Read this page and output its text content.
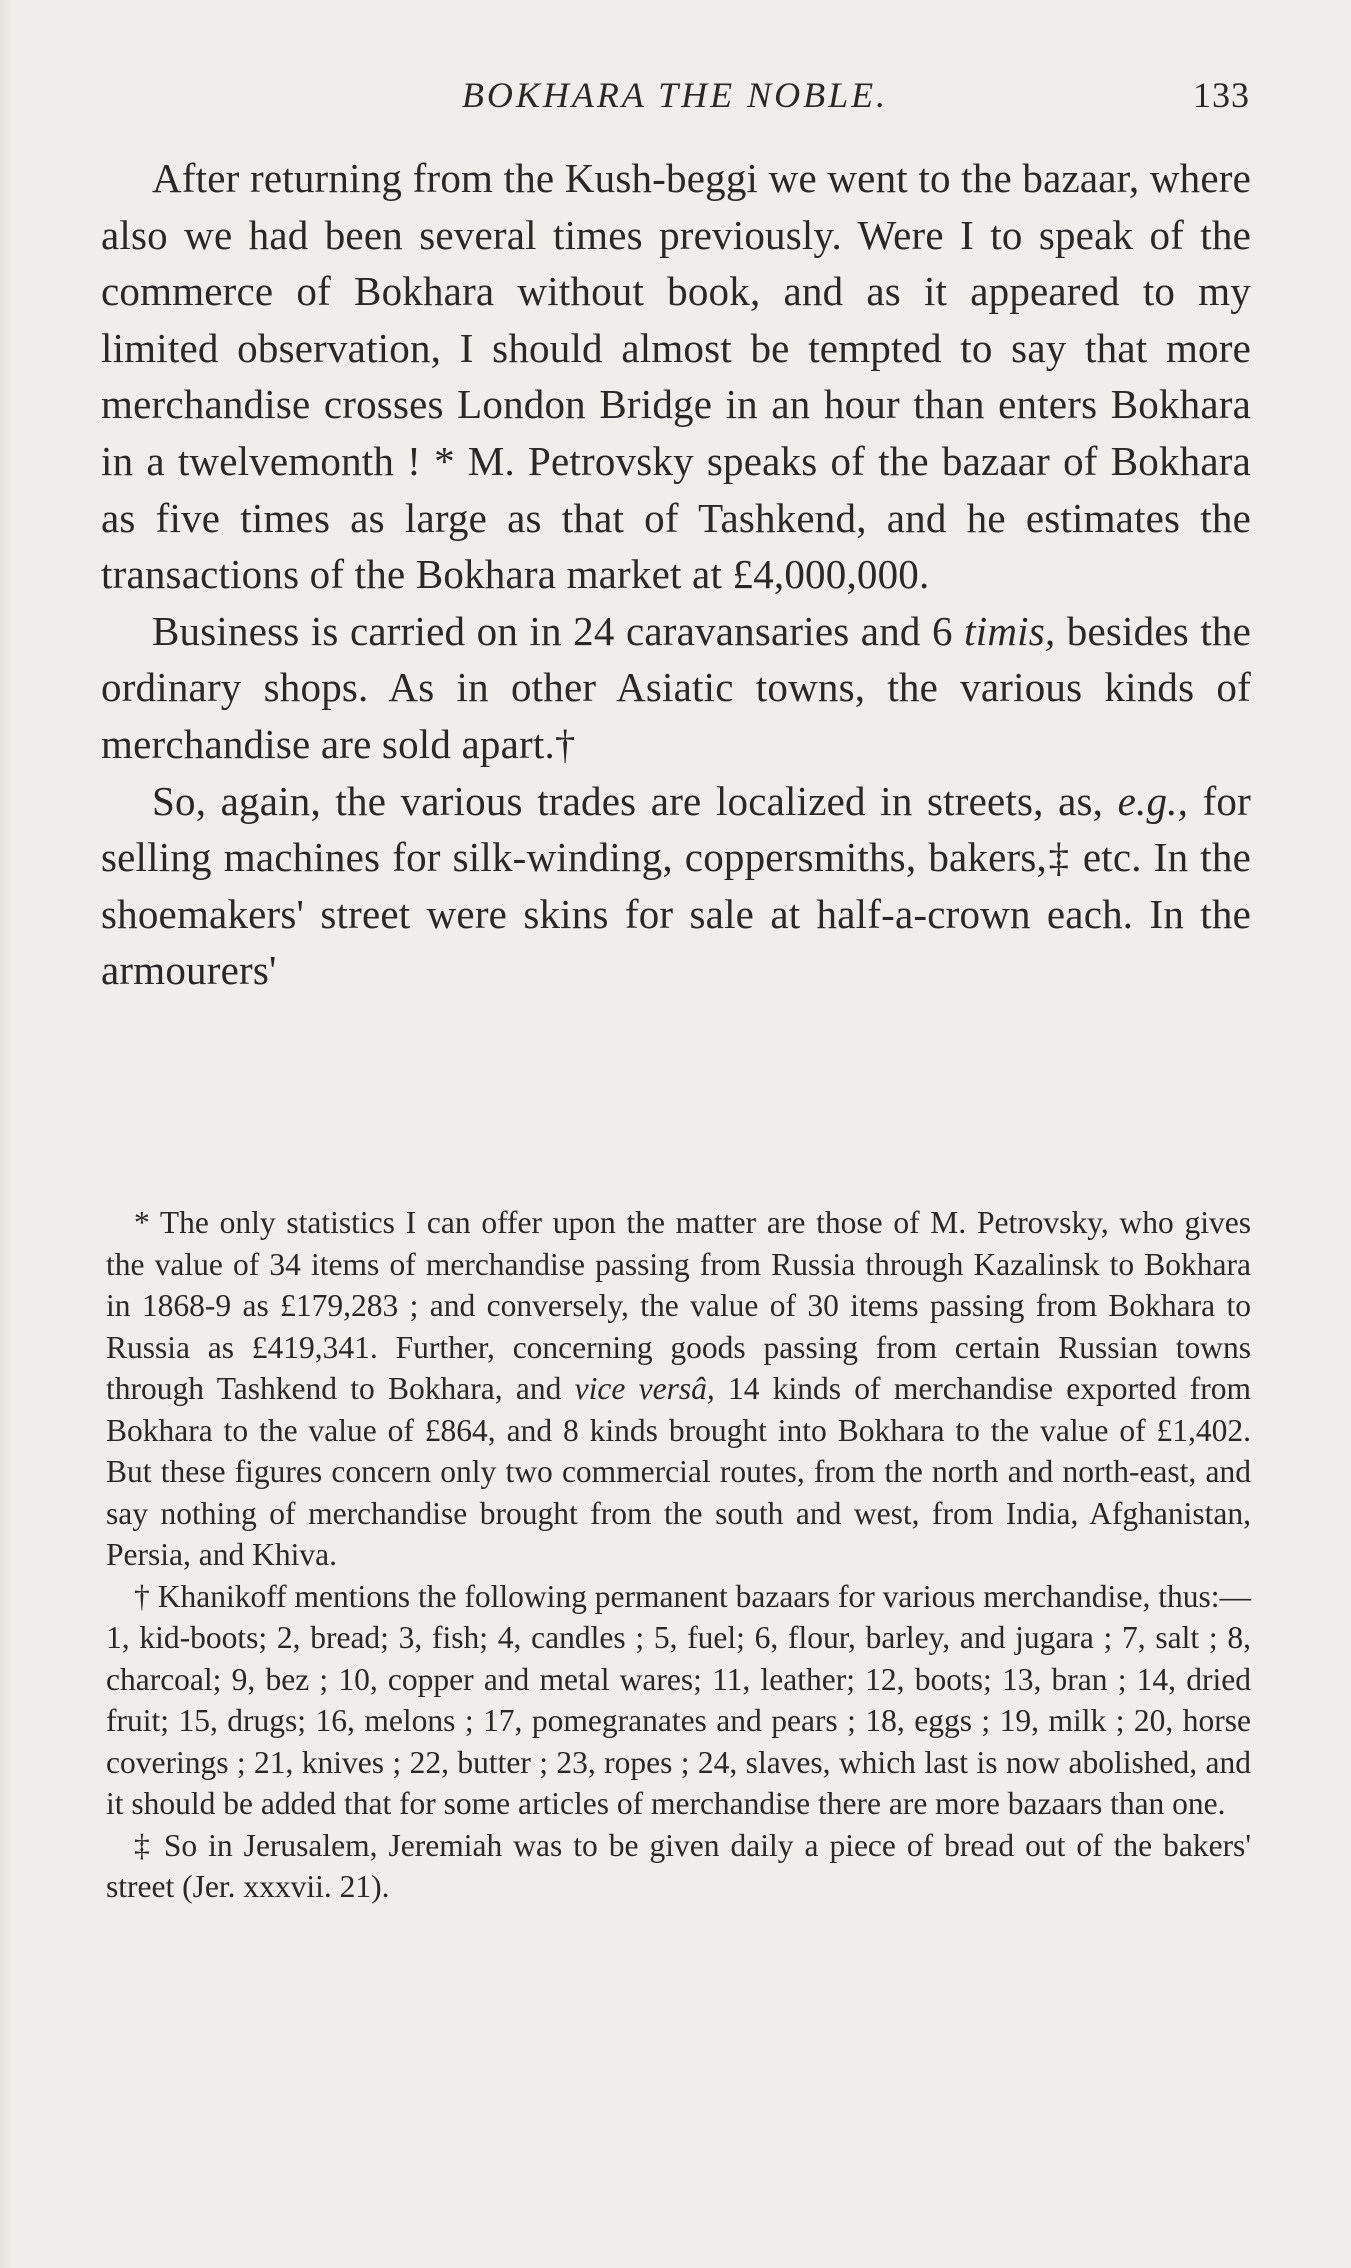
BOKHARA THE NOBLE.	133

After returning from the Kush-beggi we went to the bazaar, where also we had been several times previously. Were I to speak of the commerce of Bokhara without book, and as it appeared to my limited observation, I should almost be tempted to say that more merchandise crosses London Bridge in an hour than enters Bokhara in a twelvemonth ! * M. Petrovsky speaks of the bazaar of Bokhara as five times as large as that of Tashkend, and he estimates the transactions of the Bokhara market at £4,000,000.

Business is carried on in 24 caravansaries and 6 timis, besides the ordinary shops. As in other Asiatic towns, the various kinds of merchandise are sold apart.†

So, again, the various trades are localized in streets, as, e.g., for selling machines for silk-winding, coppersmiths, bakers,‡ etc. In the shoemakers' street were skins for sale at half-a-crown each. In the armourers'

* The only statistics I can offer upon the matter are those of M. Petrovsky, who gives the value of 34 items of merchandise passing from Russia through Kazalinsk to Bokhara in 1868-9 as £179,283 ; and conversely, the value of 30 items passing from Bokhara to Russia as £419,341. Further, concerning goods passing from certain Russian towns through Tashkend to Bokhara, and vice versâ, 14 kinds of merchandise exported from Bokhara to the value of £864, and 8 kinds brought into Bokhara to the value of £1,402. But these figures concern only two commercial routes, from the north and north-east, and say nothing of merchandise brought from the south and west, from India, Afghanistan, Persia, and Khiva.

† Khanikoff mentions the following permanent bazaars for various merchandise, thus:—1, kid-boots; 2, bread; 3, fish; 4, candles ; 5, fuel; 6, flour, barley, and jugara ; 7, salt ; 8, charcoal; 9, bez ; 10, copper and metal wares; 11, leather; 12, boots; 13, bran ; 14, dried fruit; 15, drugs; 16, melons ; 17, pomegranates and pears ; 18, eggs ; 19, milk ; 20, horse coverings ; 21, knives ; 22, butter ; 23, ropes ; 24, slaves, which last is now abolished, and it should be added that for some articles of merchandise there are more bazaars than one.

‡ So in Jerusalem, Jeremiah was to be given daily a piece of bread out of the bakers' street (Jer. xxxvii. 21).
